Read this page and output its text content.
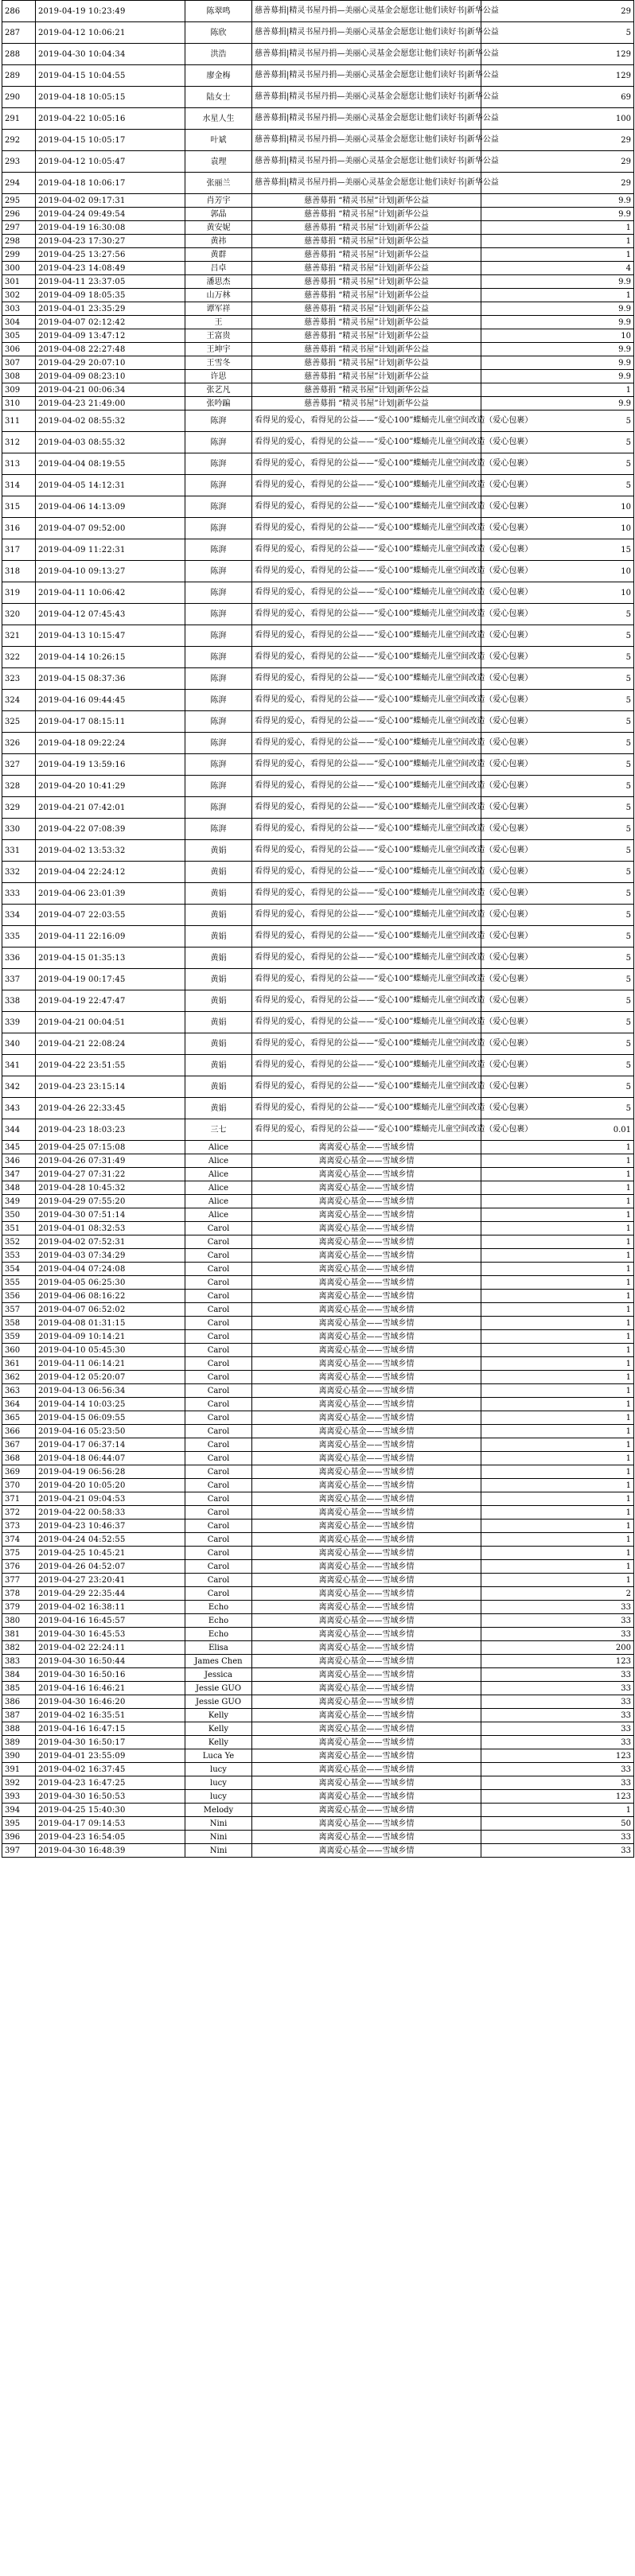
286	2019-04-19 10:23:49	陈翠鸣	慈善募捐|精灵书屋丹捐—美丽心灵基金会愿您让他们读好书|新华公益	29
287	2019-04-12 10:06:21	陈欣	慈善募捐|精灵书屋丹捐—美丽心灵基金会愿您让他们读好书|新华公益	5
288	2019-04-30 10:04:34	洪浩	慈善募捐|精灵书屋丹捐—美丽心灵基金会愿您让他们读好书|新华公益	129
289	2019-04-15 10:04:55	廖金梅	慈善募捐|精灵书屋丹捐—美丽心灵基金会愿您让他们读好书|新华公益	129
290	2019-04-18 10:05:15	陆女士	慈善募捐|精灵书屋丹捐—美丽心灵基金会愿您让他们读好书|新华公益	69
291	2019-04-22 10:05:16	水星人生	慈善募捐|精灵书屋丹捐—美丽心灵基金会愿您让他们读好书|新华公益	100
292	2019-04-15 10:05:17	叶斌	慈善募捐|精灵书屋丹捐—美丽心灵基金会愿您让他们读好书|新华公益	29
293	2019-04-12 10:05:47	袁理	慈善募捐|精灵书屋丹捐—美丽心灵基金会愿您让他们读好书|新华公益	29
294	2019-04-18 10:06:17	张丽兰	慈善募捐|精灵书屋丹捐—美丽心灵基金会愿您让他们读好书|新华公益	29
295	2019-04-02 09:17:31	肖芳宇	慈善募捐 “精灵书屋”计划|新华公益	9.9
296	2019-04-24 09:49:54	郭晶	慈善募捐 “精灵书屋”计划|新华公益	9.9
297	2019-04-19 16:30:08	黄安妮	慈善募捐 “精灵书屋”计划|新华公益	1
298	2019-04-23 17:30:27	黄祎	慈善募捐 “精灵书屋”计划|新华公益	1
299	2019-04-25 13:27:56	黄群	慈善募捐 “精灵书屋”计划|新华公益	1
300	2019-04-23 14:08:49	吕卓	慈善募捐 “精灵书屋”计划|新华公益	4
301	2019-04-11 23:37:05	潘思杰	慈善募捐 “精灵书屋”计划|新华公益	9.9
302	2019-04-09 18:05:35	山万林	慈善募捐 “精灵书屋”计划|新华公益	1
303	2019-04-01 23:35:29	谭军祥	慈善募捐 “精灵书屋”计划|新华公益	9.9
304	2019-04-07 02:12:42	王	慈善募捐 “精灵书屋”计划|新华公益	9.9
305	2019-04-09 13:47:12	王富贵	慈善募捐 “精灵书屋”计划|新华公益	10
306	2019-04-08 22:27:48	王坤宇	慈善募捐 “精灵书屋”计划|新华公益	9.9
307	2019-04-29 20:07:10	王雪冬	慈善募捐 “精灵书屋”计划|新华公益	9.9
308	2019-04-09 08:23:10	许思	慈善募捐 “精灵书屋”计划|新华公益	9.9
309	2019-04-21 00:06:34	张艺凡	慈善募捐 “精灵书屋”计划|新华公益	1
310	2019-04-23 21:49:00	张吟蹁	慈善募捐 “精灵书屋”计划|新华公益	9.9
311	2019-04-02 08:55:32	陈湃	看得见的爱心，看得见的公益——“爱心100”蝶蛹壳儿童空间改造（爱心包裹）	5
312	2019-04-03 08:55:32	陈湃	看得见的爱心，看得见的公益——“爱心100”蝶蛹壳儿童空间改造（爱心包裹）	5
313	2019-04-04 08:19:55	陈湃	看得见的爱心，看得见的公益——“爱心100”蝶蛹壳儿童空间改造（爱心包裹）	5
314	2019-04-05 14:12:31	陈湃	看得见的爱心，看得见的公益——“爱心100”蝶蛹壳儿童空间改造（爱心包裹）	5
315	2019-04-06 14:13:09	陈湃	看得见的爱心，看得见的公益——“爱心100”蝶蛹壳儿童空间改造（爱心包裹）	10
316	2019-04-07 09:52:00	陈湃	看得见的爱心，看得见的公益——“爱心100”蝶蛹壳儿童空间改造（爱心包裹）	10
317	2019-04-09 11:22:31	陈湃	看得见的爱心，看得见的公益——“爱心100”蝶蛹壳儿童空间改造（爱心包裹）	15
318	2019-04-10 09:13:27	陈湃	看得见的爱心，看得见的公益——“爱心100”蝶蛹壳儿童空间改造（爱心包裹）	10
319	2019-04-11 10:06:42	陈湃	看得见的爱心，看得见的公益——“爱心100”蝶蛹壳儿童空间改造（爱心包裹）	10
320	2019-04-12 07:45:43	陈湃	看得见的爱心，看得见的公益——“爱心100”蝶蛹壳儿童空间改造（爱心包裹）	5
321	2019-04-13 10:15:47	陈湃	看得见的爱心，看得见的公益——“爱心100”蝶蛹壳儿童空间改造（爱心包裹）	5
322	2019-04-14 10:26:15	陈湃	看得见的爱心，看得见的公益——“爱心100”蝶蛹壳儿童空间改造（爱心包裹）	5
323	2019-04-15 08:37:36	陈湃	看得见的爱心，看得见的公益——“爱心100”蝶蛹壳儿童空间改造（爱心包裹）	5
324	2019-04-16 09:44:45	陈湃	看得见的爱心，看得见的公益——“爱心100”蝶蛹壳儿童空间改造（爱心包裹）	5
325	2019-04-17 08:15:11	陈湃	看得见的爱心，看得见的公益——“爱心100”蝶蛹壳儿童空间改造（爱心包裹）	5
326	2019-04-18 09:22:24	陈湃	看得见的爱心，看得见的公益——“爱心100”蝶蛹壳儿童空间改造（爱心包裹）	5
327	2019-04-19 13:59:16	陈湃	看得见的爱心，看得见的公益——“爱心100”蝶蛹壳儿童空间改造（爱心包裹）	5
328	2019-04-20 10:41:29	陈湃	看得见的爱心，看得见的公益——“爱心100”蝶蛹壳儿童空间改造（爱心包裹）	5
329	2019-04-21 07:42:01	陈湃	看得见的爱心，看得见的公益——“爱心100”蝶蛹壳儿童空间改造（爱心包裹）	5
330	2019-04-22 07:08:39	陈湃	看得见的爱心，看得见的公益——“爱心100”蝶蛹壳儿童空间改造（爱心包裹）	5
331	2019-04-02 13:53:32	黄娟	看得见的爱心，看得见的公益——“爱心100”蝶蛹壳儿童空间改造（爱心包裹）	5
332	2019-04-04 22:24:12	黄娟	看得见的爱心，看得见的公益——“爱心100”蝶蛹壳儿童空间改造（爱心包裹）	5
333	2019-04-06 23:01:39	黄娟	看得见的爱心，看得见的公益——“爱心100”蝶蛹壳儿童空间改造（爱心包裹）	5
334	2019-04-07 22:03:55	黄娟	看得见的爱心，看得见的公益——“爱心100”蝶蛹壳儿童空间改造（爱心包裹）	5
335	2019-04-11 22:16:09	黄娟	看得见的爱心，看得见的公益——“爱心100”蝶蛹壳儿童空间改造（爱心包裹）	5
336	2019-04-15 01:35:13	黄娟	看得见的爱心，看得见的公益——“爱心100”蝶蛹壳儿童空间改造（爱心包裹）	5
337	2019-04-19 00:17:45	黄娟	看得见的爱心，看得见的公益——“爱心100”蝶蛹壳儿童空间改造（爱心包裹）	5
338	2019-04-19 22:47:47	黄娟	看得见的爱心，看得见的公益——“爱心100”蝶蛹壳儿童空间改造（爱心包裹）	5
339	2019-04-21 00:04:51	黄娟	看得见的爱心，看得见的公益——“爱心100”蝶蛹壳儿童空间改造（爱心包裹）	5
340	2019-04-21 22:08:24	黄娟	看得见的爱心，看得见的公益——“爱心100”蝶蛹壳儿童空间改造（爱心包裹）	5
341	2019-04-22 23:51:55	黄娟	看得见的爱心，看得见的公益——“爱心100”蝶蛹壳儿童空间改造（爱心包裹）	5
342	2019-04-23 23:15:14	黄娟	看得见的爱心，看得见的公益——“爱心100”蝶蛹壳儿童空间改造（爱心包裹）	5
343	2019-04-26 22:33:45	黄娟	看得见的爱心，看得见的公益——“爱心100”蝶蛹壳儿童空间改造（爱心包裹）	5
344	2019-04-23 18:03:23	三七	看得见的爱心，看得见的公益——“爱心100”蝶蛹壳儿童空间改造（爱心包裹）	0.01
345	2019-04-25 07:15:08	Alice	离离爱心基金——雪域乡情	1
346	2019-04-26 07:31:49	Alice	离离爱心基金——雪域乡情	1
347	2019-04-27 07:31:22	Alice	离离爱心基金——雪域乡情	1
348	2019-04-28 10:45:32	Alice	离离爱心基金——雪域乡情	1
349	2019-04-29 07:55:20	Alice	离离爱心基金——雪域乡情	1
350	2019-04-30 07:51:14	Alice	离离爱心基金——雪域乡情	1
351	2019-04-01 08:32:53	Carol	离离爱心基金——雪域乡情	1
352	2019-04-02 07:52:31	Carol	离离爱心基金——雪域乡情	1
353	2019-04-03 07:34:29	Carol	离离爱心基金——雪域乡情	1
354	2019-04-04 07:24:08	Carol	离离爱心基金——雪域乡情	1
355	2019-04-05 06:25:30	Carol	离离爱心基金——雪域乡情	1
356	2019-04-06 08:16:22	Carol	离离爱心基金——雪域乡情	1
357	2019-04-07 06:52:02	Carol	离离爱心基金——雪域乡情	1
358	2019-04-08 01:31:15	Carol	离离爱心基金——雪域乡情	1
359	2019-04-09 10:14:21	Carol	离离爱心基金——雪域乡情	1
360	2019-04-10 05:45:30	Carol	离离爱心基金——雪域乡情	1
361	2019-04-11 06:14:21	Carol	离离爱心基金——雪域乡情	1
362	2019-04-12 05:20:07	Carol	离离爱心基金——雪域乡情	1
363	2019-04-13 06:56:34	Carol	离离爱心基金——雪域乡情	1
364	2019-04-14 10:03:25	Carol	离离爱心基金——雪域乡情	1
365	2019-04-15 06:09:55	Carol	离离爱心基金——雪域乡情	1
366	2019-04-16 05:23:50	Carol	离离爱心基金——雪域乡情	1
367	2019-04-17 06:37:14	Carol	离离爱心基金——雪域乡情	1
368	2019-04-18 06:44:07	Carol	离离爱心基金——雪域乡情	1
369	2019-04-19 06:56:28	Carol	离离爱心基金——雪域乡情	1
370	2019-04-20 10:05:20	Carol	离离爱心基金——雪域乡情	1
371	2019-04-21 09:04:53	Carol	离离爱心基金——雪域乡情	1
372	2019-04-22 00:58:33	Carol	离离爱心基金——雪域乡情	1
373	2019-04-23 10:46:37	Carol	离离爱心基金——雪域乡情	1
374	2019-04-24 04:52:55	Carol	离离爱心基金——雪域乡情	1
375	2019-04-25 10:45:21	Carol	离离爱心基金——雪域乡情	1
376	2019-04-26 04:52:07	Carol	离离爱心基金——雪域乡情	1
377	2019-04-27 23:20:41	Carol	离离爱心基金——雪域乡情	1
378	2019-04-29 22:35:44	Carol	离离爱心基金——雪域乡情	2
379	2019-04-02 16:38:11	Echo	离离爱心基金——雪域乡情	33
380	2019-04-16 16:45:57	Echo	离离爱心基金——雪域乡情	33
381	2019-04-30 16:45:53	Echo	离离爱心基金——雪域乡情	33
382	2019-04-02 22:24:11	Elisa	离离爱心基金——雪域乡情	200
383	2019-04-30 16:50:44	James Chen	离离爱心基金——雪域乡情	123
384	2019-04-30 16:50:16	Jessica	离离爱心基金——雪域乡情	33
385	2019-04-16 16:46:21	Jessie GUO	离离爱心基金——雪域乡情	33
386	2019-04-30 16:46:20	Jessie GUO	离离爱心基金——雪域乡情	33
387	2019-04-02 16:35:51	Kelly	离离爱心基金——雪域乡情	33
388	2019-04-16 16:47:15	Kelly	离离爱心基金——雪域乡情	33
389	2019-04-30 16:50:17	Kelly	离离爱心基金——雪域乡情	33
390	2019-04-01 23:55:09	Luca Ye	离离爱心基金——雪域乡情	123
391	2019-04-02 16:37:45	lucy	离离爱心基金——雪域乡情	33
392	2019-04-23 16:47:25	lucy	离离爱心基金——雪域乡情	33
393	2019-04-30 16:50:53	lucy	离离爱心基金——雪域乡情	123
394	2019-04-25 15:40:30	Melody	离离爱心基金——雪域乡情	1
395	2019-04-17 09:14:53	Nini	离离爱心基金——雪域乡情	50
396	2019-04-23 16:54:05	Nini	离离爱心基金——雪域乡情	33
397	2019-04-30 16:48:39	Nini	离离爱心基金——雪域乡情	33
